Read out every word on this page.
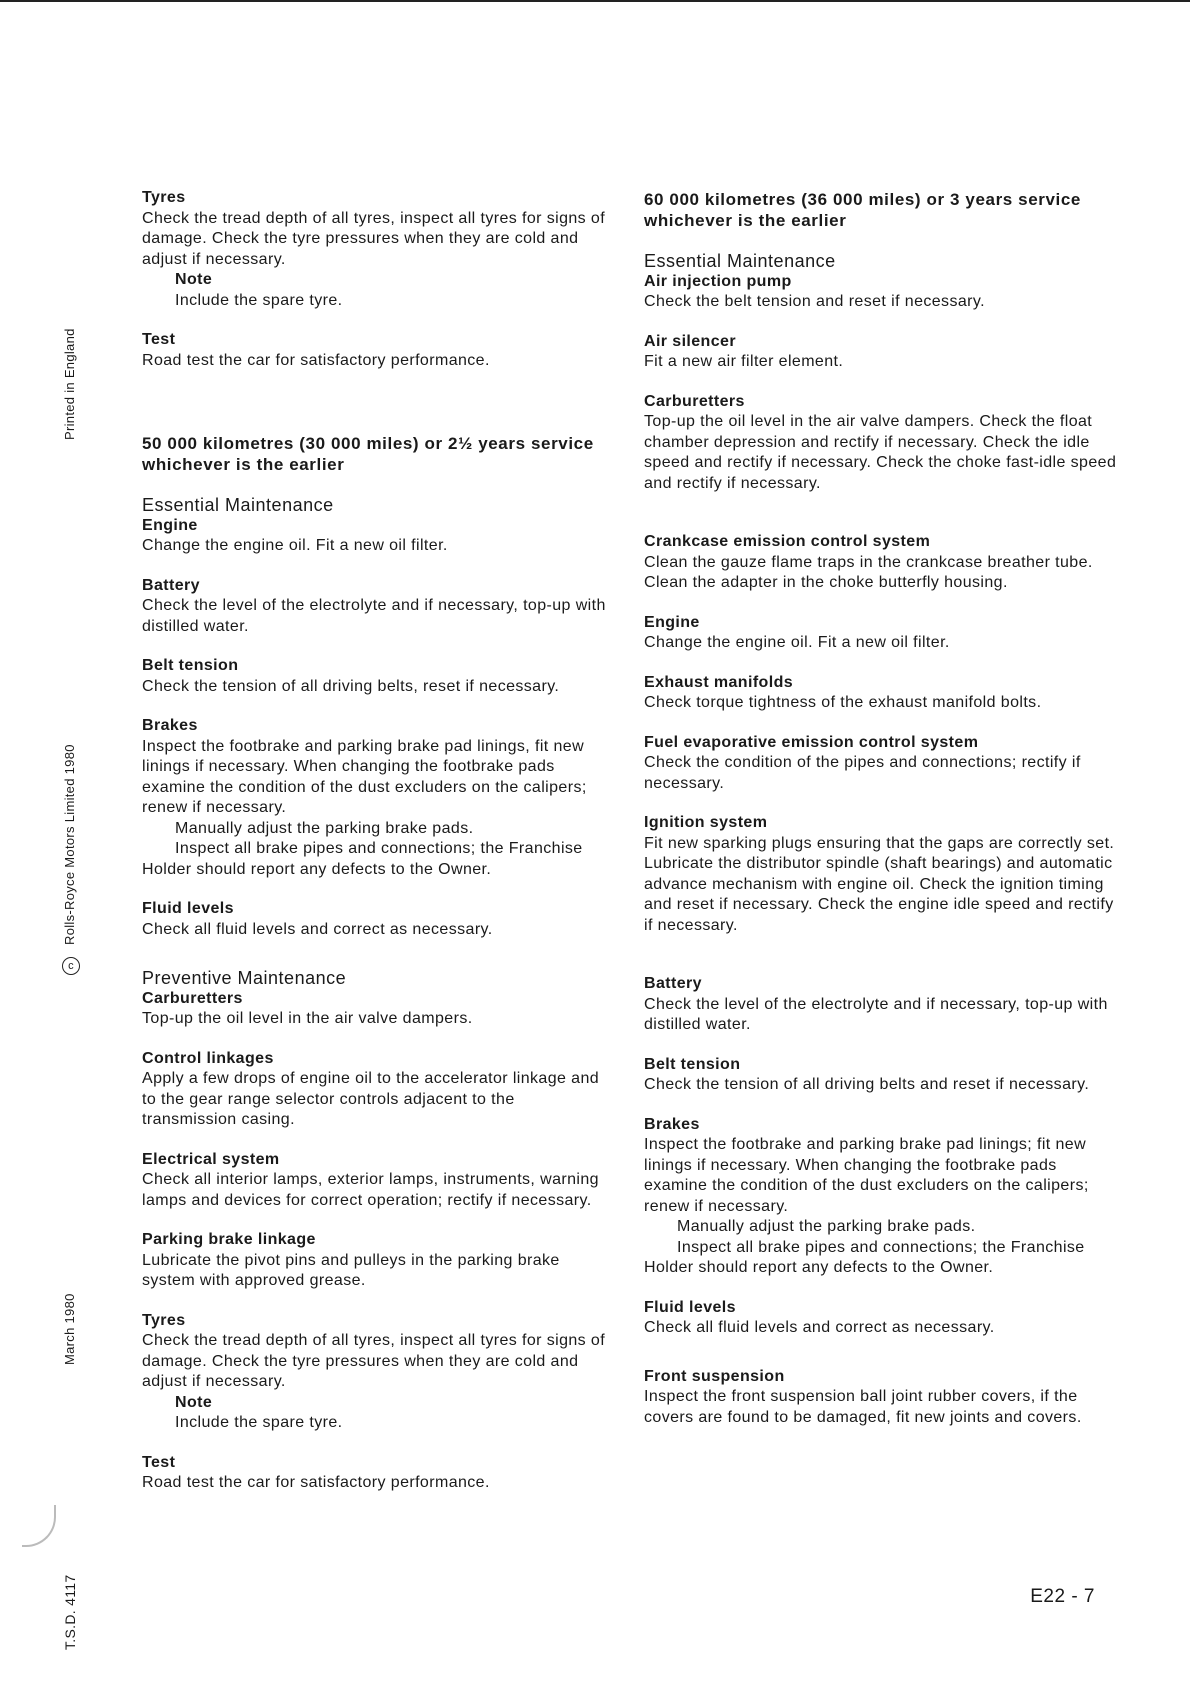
Printed in England
cRolls-Royce Motors Limited 1980
March 1980
T.S.D. 4117
Tyres
Check the tread depth of all tyres, inspect all tyres for signs of damage. Check the tyre pressures when they are cold and adjust if necessary.
Note
Include the spare tyre.
Test
Road test the car for satisfactory performance.
50 000 kilometres (30 000 miles) or 2½ years service whichever is the earlier
Essential Maintenance
Engine
Change the engine oil. Fit a new oil filter.
Battery
Check the level of the electrolyte and if necessary, top-up with distilled water.
Belt tension
Check the tension of all driving belts, reset if necessary.
Brakes
Inspect the footbrake and parking brake pad linings, fit new linings if necessary. When changing the footbrake pads examine the condition of the dust excluders on the calipers; renew if necessary.
Manually adjust the parking brake pads.
Inspect all brake pipes and connections; the Franchise Holder should report any defects to the Owner.
Fluid levels
Check all fluid levels and correct as necessary.
Preventive Maintenance
Carburetters
Top-up the oil level in the air valve dampers.
Control linkages
Apply a few drops of engine oil to the accelerator linkage and to the gear range selector controls adjacent to the transmission casing.
Electrical system
Check all interior lamps, exterior lamps, instruments, warning lamps and devices for correct operation; rectify if necessary.
Parking brake linkage
Lubricate the pivot pins and pulleys in the parking brake system with approved grease.
Tyres
Check the tread depth of all tyres, inspect all tyres for signs of damage. Check the tyre pressures when they are cold and adjust if necessary.
Note
Include the spare tyre.
Test
Road test the car for satisfactory performance.
60 000 kilometres (36 000 miles) or 3 years service whichever is the earlier
Essential Maintenance
Air injection pump
Check the belt tension and reset if necessary.
Air silencer
Fit a new air filter element.
Carburetters
Top-up the oil level in the air valve dampers. Check the float chamber depression and rectify if necessary. Check the idle speed and rectify if necessary. Check the choke fast-idle speed and rectify if necessary.
Crankcase emission control system
Clean the gauze flame traps in the crankcase breather tube. Clean the adapter in the choke butterfly housing.
Engine
Change the engine oil. Fit a new oil filter.
Exhaust manifolds
Check torque tightness of the exhaust manifold bolts.
Fuel evaporative emission control system
Check the condition of the pipes and connections; rectify if necessary.
Ignition system
Fit new sparking plugs ensuring that the gaps are correctly set. Lubricate the distributor spindle (shaft bearings) and automatic advance mechanism with engine oil. Check the ignition timing and reset if necessary. Check the engine idle speed and rectify if necessary.
Battery
Check the level of the electrolyte and if necessary, top-up with distilled water.
Belt tension
Check the tension of all driving belts and reset if necessary.
Brakes
Inspect the footbrake and parking brake pad linings; fit new linings if necessary. When changing the footbrake pads examine the condition of the dust excluders on the calipers; renew if necessary.
Manually adjust the parking brake pads.
Inspect all brake pipes and connections; the Franchise Holder should report any defects to the Owner.
Fluid levels
Check all fluid levels and correct as necessary.
Front suspension
Inspect the front suspension ball joint rubber covers, if the covers are found to be damaged, fit new joints and covers.
E22 - 7
